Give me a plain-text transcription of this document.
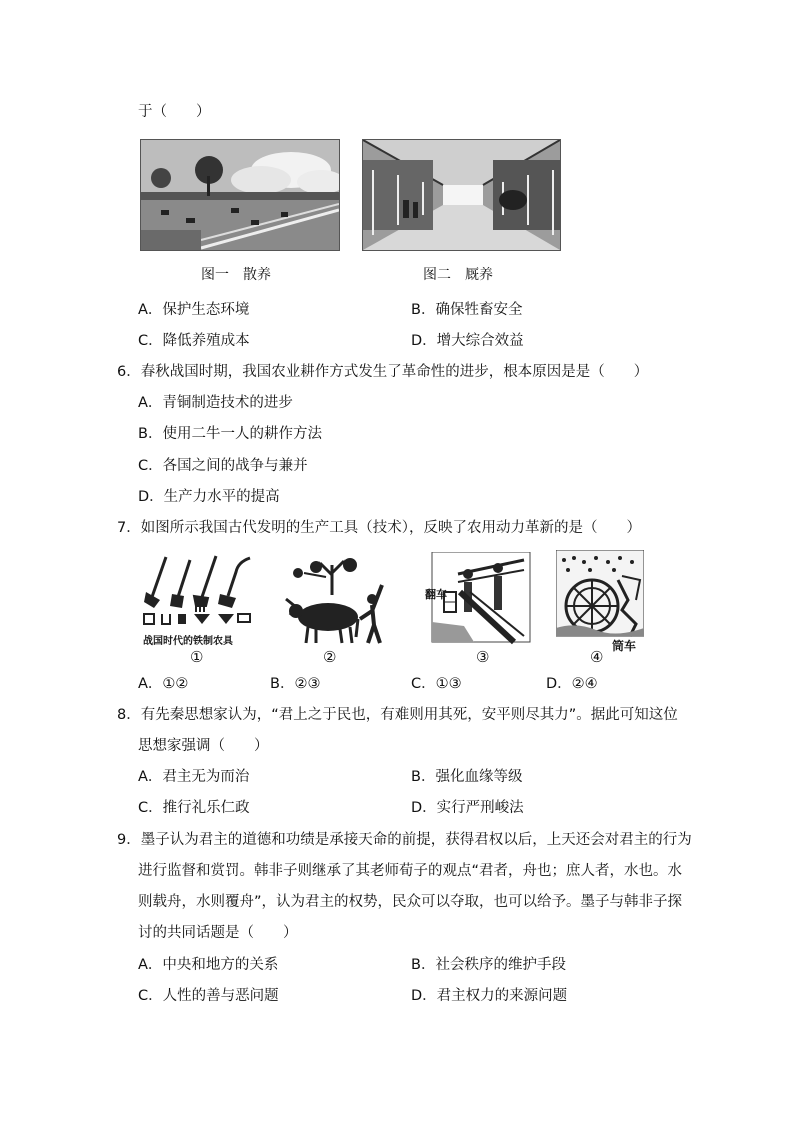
于（　　）
图一　散养	图二　厩养
A．保护生态环境	B．确保牲畜安全
C．降低养殖成本	D．增大综合效益
6．春秋战国时期，我国农业耕作方式发生了革命性的进步，根本原因是是（　　）
A．青铜制造技术的进步
B．使用二牛一人的耕作方法
C．各国之间的战争与兼并
D．生产力水平的提高
7．如图所示我国古代发明的生产工具（技术），反映了农用动力革新的是（　　）
战国时代的铁制农具
①	②
翻车
③
筒车
④
A．①②	B．②③	C．①③	D．②④
8．有先秦思想家认为，“君上之于民也，有难则用其死，安平则尽其力”。据此可知这位
思想家强调（　　）
A．君主无为而治	B．强化血缘等级
C．推行礼乐仁政	D．实行严刑峻法
9．墨子认为君主的道德和功绩是承接天命的前提，获得君权以后，上天还会对君主的行为
进行监督和赏罚。韩非子则继承了其老师荀子的观点“君者，舟也；庶人者，水也。水
则载舟，水则覆舟”，认为君主的权势，民众可以夺取，也可以给予。墨子与韩非子探
讨的共同话题是（　　）
A．中央和地方的关系	B．社会秩序的维护手段
C．人性的善与恶问题	D．君主权力的来源问题
